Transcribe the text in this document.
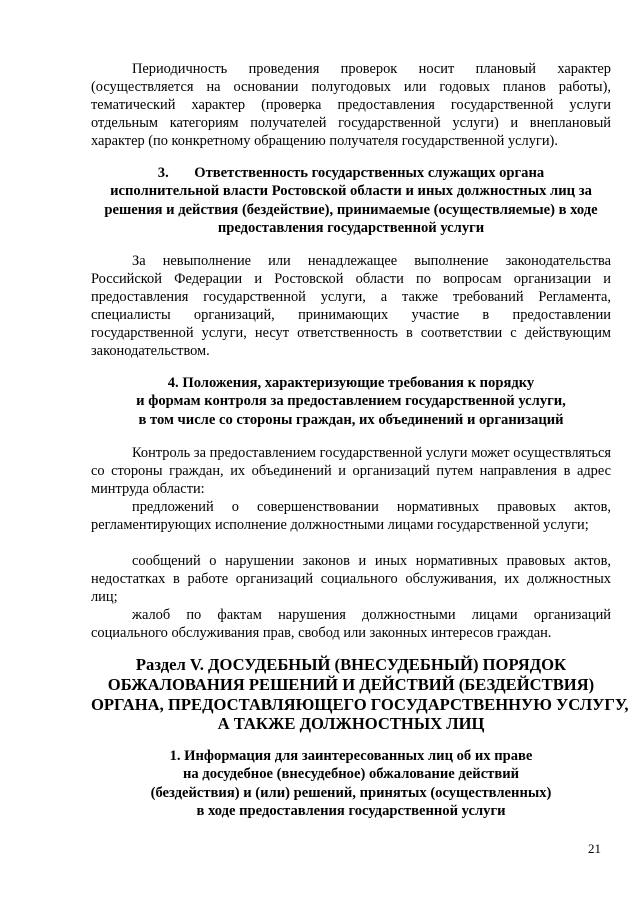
Периодичность проведения проверок носит плановый характер (осуществляется на основании полугодовых или годовых планов работы), тематический характер (проверка предоставления государственной услуги отдельным категориям получателей государственной услуги) и внеплановый характер (по конкретному обращению получателя государственной услуги).

3.       Ответственность государственных служащих органа
исполнительной власти Ростовской области и иных должностных лиц за
решения и действия (бездействие), принимаемые (осуществляемые) в ходе
предоставления государственной услуги

За невыполнение или ненадлежащее выполнение законодательства Российской Федерации и Ростовской области по вопросам организации и предоставления государственной услуги, а также требований Регламента, специалисты организаций, принимающих участие в предоставлении государственной услуги, несут ответственность в соответствии с действующим законодательством.

4. Положения, характеризующие требования к порядку
и формам контроля за предоставлением государственной услуги,
в том числе со стороны граждан, их объединений и организаций

Контроль за предоставлением государственной услуги может осуществляться со стороны граждан, их объединений и организаций путем направления в адрес минтруда области:

предложений о совершенствовании нормативных правовых актов, регламентирующих исполнение должностными лицами государственной услуги;

сообщений о нарушении законов и иных нормативных правовых актов, недостатках в работе организаций социального обслуживания, их должностных лиц;

жалоб по фактам нарушения должностными лицами организаций социального обслуживания прав, свобод или законных интересов граждан.

Раздел V. ДОСУДЕБНЫЙ (ВНЕСУДЕБНЫЙ) ПОРЯДОК
ОБЖАЛОВАНИЯ РЕШЕНИЙ И ДЕЙСТВИЙ (БЕЗДЕЙСТВИЯ)
ОРГАНА, ПРЕДОСТАВЛЯЮЩЕГО ГОСУДАРСТВЕННУЮ УСЛУГУ,
А ТАКЖЕ ДОЛЖНОСТНЫХ ЛИЦ
1. Информация для заинтересованных лиц об их праве
на досудебное (внесудебное) обжалование действий
(бездействия) и (или) решений, принятых (осуществленных)
в ходе предоставления государственной услуги
21
